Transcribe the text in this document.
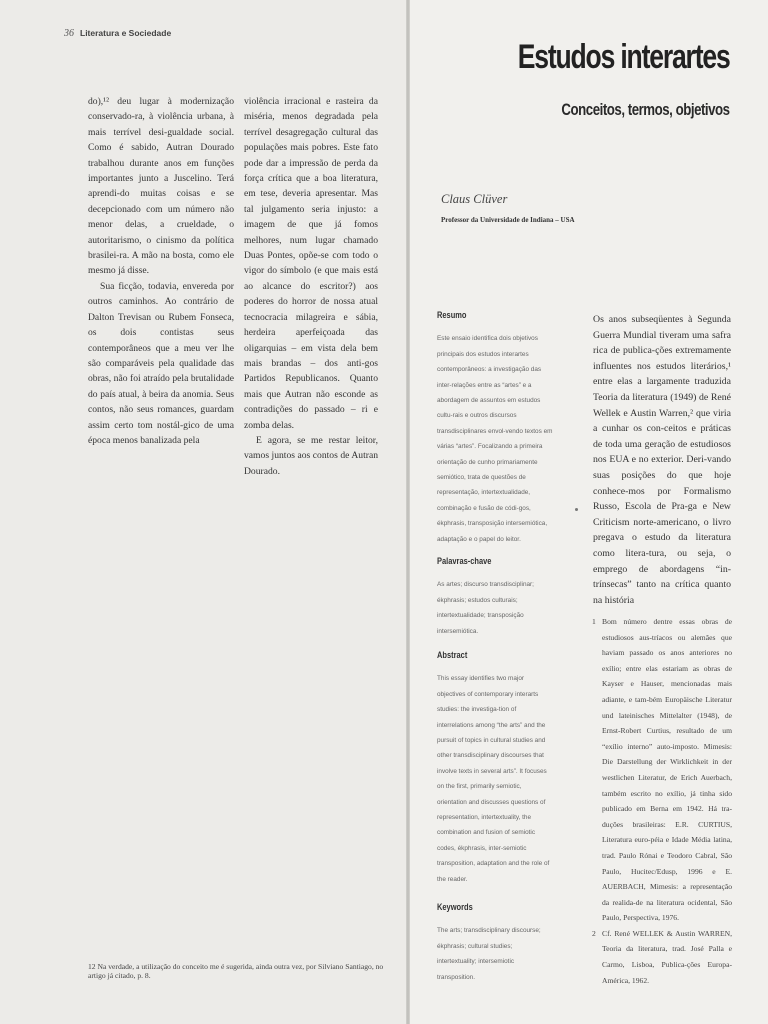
36 Literatura e Sociedade

do),¹² deu lugar à modernização conservado-ra, à violência urbana, à mais terrível desi-gualdade social. Como é sabido, Autran Dourado trabalhou durante anos em funções importantes junto a Juscelino. Terá aprendi-do muitas coisas e se decepcionado com um número não menor delas, a crueldade, o autoritarismo, o cinismo da política brasilei-ra. A mão na bosta, como ele mesmo já disse.

Sua ficção, todavia, envereda por outros caminhos. Ao contrário de Dalton Trevisan ou Rubem Fonseca, os dois contistas seus contemporâneos que a meu ver lhe são comparáveis pela qualidade das obras, não foi atraído pela brutalidade do país atual, à beira da anomia. Seus contos, não seus romances, guardam assim certo tom nostál-gico de uma época menos banalizada pela

violência irracional e rasteira da miséria, menos degradada pela terrível desagregação cultural das populações mais pobres. Este fato pode dar a impressão de perda da força crítica que a boa literatura, em tese, deveria apresentar. Mas tal julgamento seria injusto: a imagem de que já fomos melhores, num lugar chamado Duas Pontes, opõe-se com todo o vigor do símbolo (e que mais está ao alcance do escritor?) aos poderes do horror de nossa atual tecnocracia milagreira e sábia, herdeira aperfeiçoada das oligarquias – em vista dela bem mais brandas – dos anti-gos Partidos Republicanos. Quanto mais que Autran não esconde as contradições do passado – ri e zomba delas.

E agora, se me restar leitor, vamos juntos aos contos de Autran Dourado.

12 Na verdade, a utilização do conceito me é sugerida, ainda outra vez, por Silviano Santiago, no artigo já citado, p. 8.
Estudos interartes
Conceitos, termos, objetivos
Claus Clüver
Professor da Universidade de Indiana – USA
Resumo

Este ensaio identifica dois objetivos principais dos estudos interartes contemporâneos: a investigação das inter-relações entre as “artes” e a abordagem de assuntos em estudos cultu-rais e outros discursos transdisciplinares envol-vendo textos em várias “artes”. Focalizando a primeira orientação de cunho primariamente semiótico, trata de questões de representação, intertextualidade, combinação e fusão de códi-gos, ékphrasis, transposição intersemiótica, adaptação e o papel do leitor.

Palavras-chave

As artes; discurso transdisciplinar; ékphrasis; estudos culturais; intertextualidade; transposição intersemiótica.

Abstract

This essay identifies two major objectives of contemporary interarts studies: the investiga-tion of interrelations among “the arts” and the pursuit of topics in cultural studies and other transdisciplinary discourses that involve texts in several arts”. It focuses on the first, primarily semiotic, orientation and discusses questions of representation, intertextuality, the combination and fusion of semiotic codes, ékphrasis, inter-semiotic transposition, adaptation and the role of the reader.

Keywords

The arts; transdisciplinary discourse; ékphrasis; cultural studies; intertextuality; intersemiotic transposition.

Os anos subseqüentes à Segunda Guerra Mundial tiveram uma safra rica de publica-ções extremamente influentes nos estudos literários,¹ entre elas a largamente traduzida Teoria da literatura (1949) de René Wellek e Austin Warren,² que viria a cunhar os con-ceitos e práticas de toda uma geração de estudiosos nos EUA e no exterior. Deri-vando suas posições do que hoje conhece-mos por Formalismo Russo, Escola de Pra-ga e New Criticism norte-americano, o livro pregava o estudo da literatura como litera-tura, ou seja, o emprego de abordagens “in-trínsecas” tanto na crítica quanto na história

1 Bom número dentre essas obras de estudiosos aus-tríacos ou alemães que haviam passado os anos anteriores no exílio; entre elas estariam as obras de Kayser e Hauser, mencionadas mais adiante, e tam-bém Europäische Literatur und lateinisches Mittelalter (1948), de Ernst-Robert Curtius, resultado de um “exílio interno” auto-imposto. Mimesis: Die Darstellung der Wirklichkeit in der westlichen Literatur, de Erich Auerbach, também escrito no exílio, já tinha sido publicado em Berna em 1942. Há tra-duções brasileiras: E.R. CURTIUS, Literatura euro-péia e Idade Média latina, trad. Paulo Rónai e Teodoro Cabral, São Paulo, Hucitec/Edusp, 1996 e E. AUERBACH, Mimesis: a representação da realida-de na literatura ocidental, São Paulo, Perspectiva, 1976.
2 Cf. René WELLEK & Austin WARREN, Teoria da literatura, trad. José Palla e Carmo, Lisboa, Publica-ções Europa-América, 1962.
